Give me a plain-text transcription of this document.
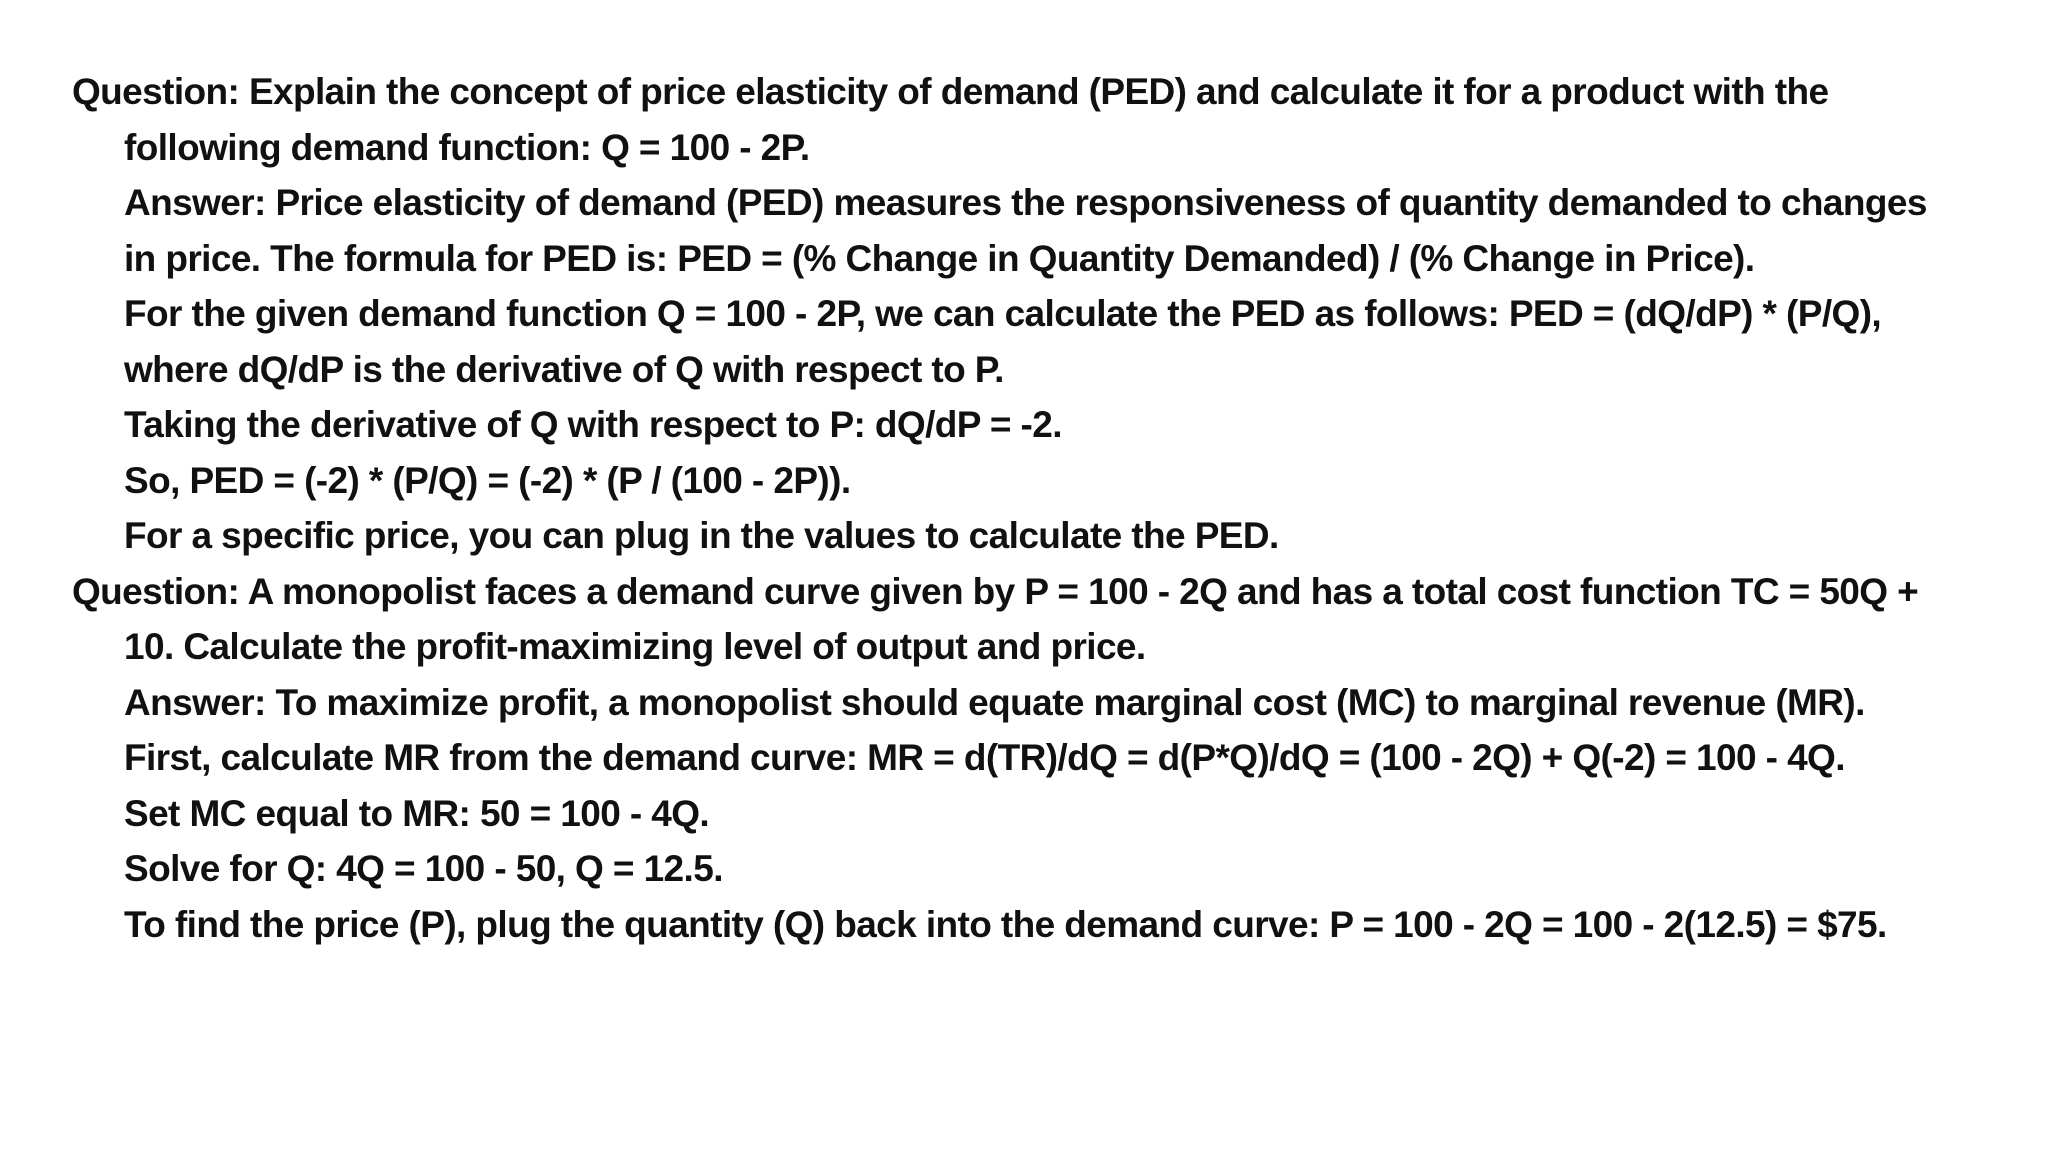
Question: Explain the concept of price elasticity of demand (PED) and calculate it for a product with the
following demand function: Q = 100 - 2P.
Answer: Price elasticity of demand (PED) measures the responsiveness of quantity demanded to changes
in price. The formula for PED is: PED = (% Change in Quantity Demanded) / (% Change in Price).
For the given demand function Q = 100 - 2P, we can calculate the PED as follows: PED = (dQ/dP) * (P/Q),
where dQ/dP is the derivative of Q with respect to P.
Taking the derivative of Q with respect to P: dQ/dP = -2.
So, PED = (-2) * (P/Q) = (-2) * (P / (100 - 2P)).
For a specific price, you can plug in the values to calculate the PED.
Question: A monopolist faces a demand curve given by P = 100 - 2Q and has a total cost function TC = 50Q +
10. Calculate the profit-maximizing level of output and price.
Answer: To maximize profit, a monopolist should equate marginal cost (MC) to marginal revenue (MR).
First, calculate MR from the demand curve: MR = d(TR)/dQ = d(P*Q)/dQ = (100 - 2Q) + Q(-2) = 100 - 4Q.
Set MC equal to MR: 50 = 100 - 4Q.
Solve for Q: 4Q = 100 - 50, Q = 12.5.
To find the price (P), plug the quantity (Q) back into the demand curve: P = 100 - 2Q = 100 - 2(12.5) = $75.
